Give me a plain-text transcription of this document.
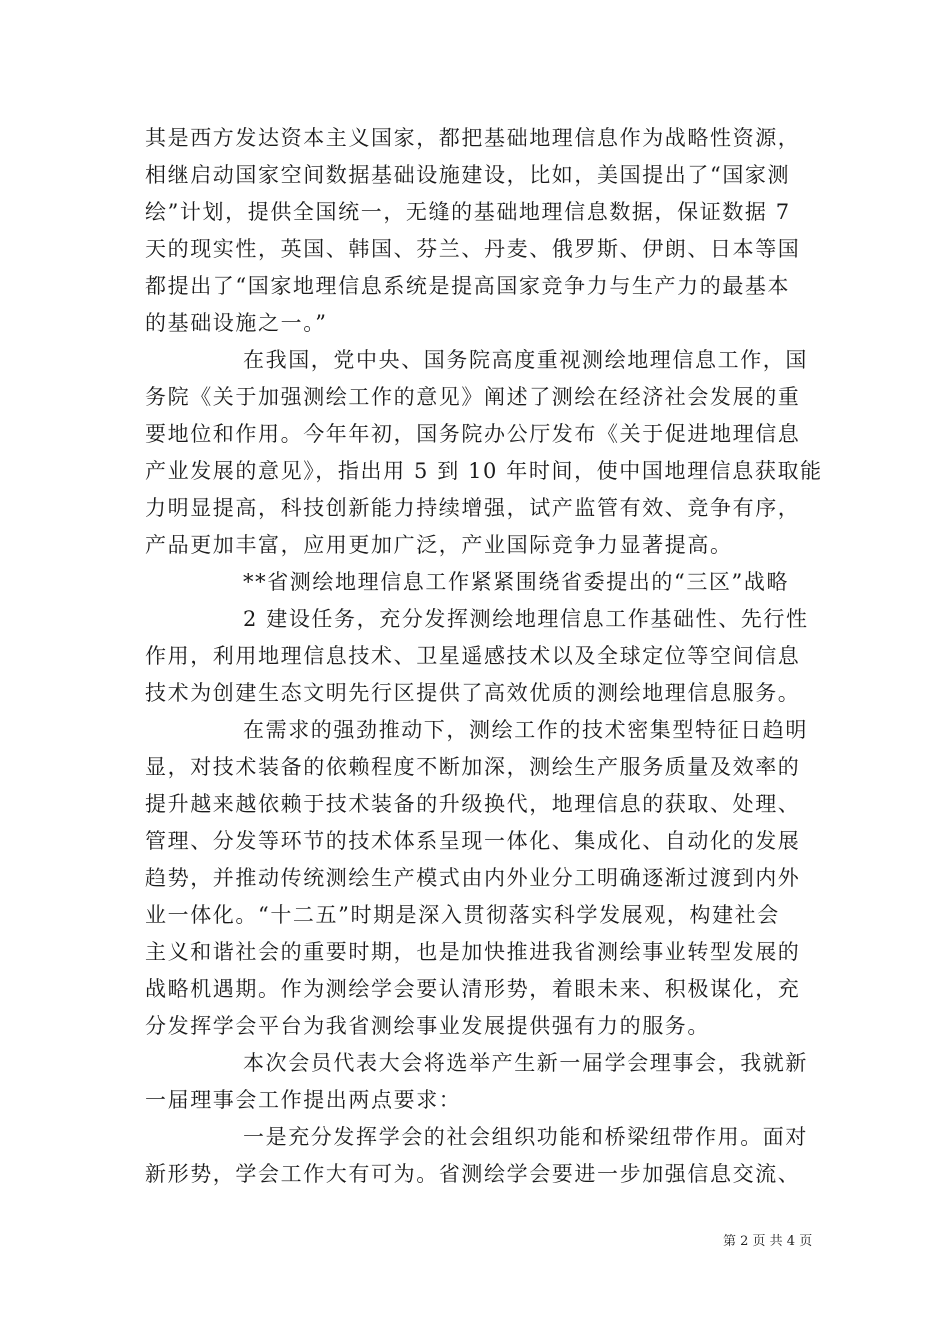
其是西方发达资本主义国家，都把基础地理信息作为战略性资源，
相继启动国家空间数据基础设施建设，比如，美国提出了“国家测
绘”计划，提供全国统一，无缝的基础地理信息数据，保证数据 7
天的现实性，英国、韩国、芬兰、丹麦、俄罗斯、伊朗、日本等国
都提出了“国家地理信息系统是提高国家竞争力与生产力的最基本
的基础设施之一。”
在我国，党中央、国务院高度重视测绘地理信息工作，国
务院《关于加强测绘工作的意见》阐述了测绘在经济社会发展的重
要地位和作用。今年年初，国务院办公厅发布《关于促进地理信息
产业发展的意见》，指出用 5 到 10 年时间，使中国地理信息获取能
力明显提高，科技创新能力持续增强，试产监管有效、竞争有序，
产品更加丰富，应用更加广泛，产业国际竞争力显著提高。
**省测绘地理信息工作紧紧围绕省委提出的“三区”战略
2 建设任务，充分发挥测绘地理信息工作基础性、先行性
作用，利用地理信息技术、卫星遥感技术以及全球定位等空间信息
技术为创建生态文明先行区提供了高效优质的测绘地理信息服务。
在需求的强劲推动下，测绘工作的技术密集型特征日趋明
显，对技术装备的依赖程度不断加深，测绘生产服务质量及效率的
提升越来越依赖于技术装备的升级换代，地理信息的获取、处理、
管理、分发等环节的技术体系呈现一体化、集成化、自动化的发展
趋势，并推动传统测绘生产模式由内外业分工明确逐渐过渡到内外
业一体化。“十二五”时期是深入贯彻落实科学发展观，构建社会
主义和谐社会的重要时期，也是加快推进我省测绘事业转型发展的
战略机遇期。作为测绘学会要认清形势，着眼未来、积极谋化，充
分发挥学会平台为我省测绘事业发展提供强有力的服务。
本次会员代表大会将选举产生新一届学会理事会，我就新
一届理事会工作提出两点要求：
一是充分发挥学会的社会组织功能和桥梁纽带作用。面对
新形势，学会工作大有可为。省测绘学会要进一步加强信息交流、
第 2 页 共 4 页
